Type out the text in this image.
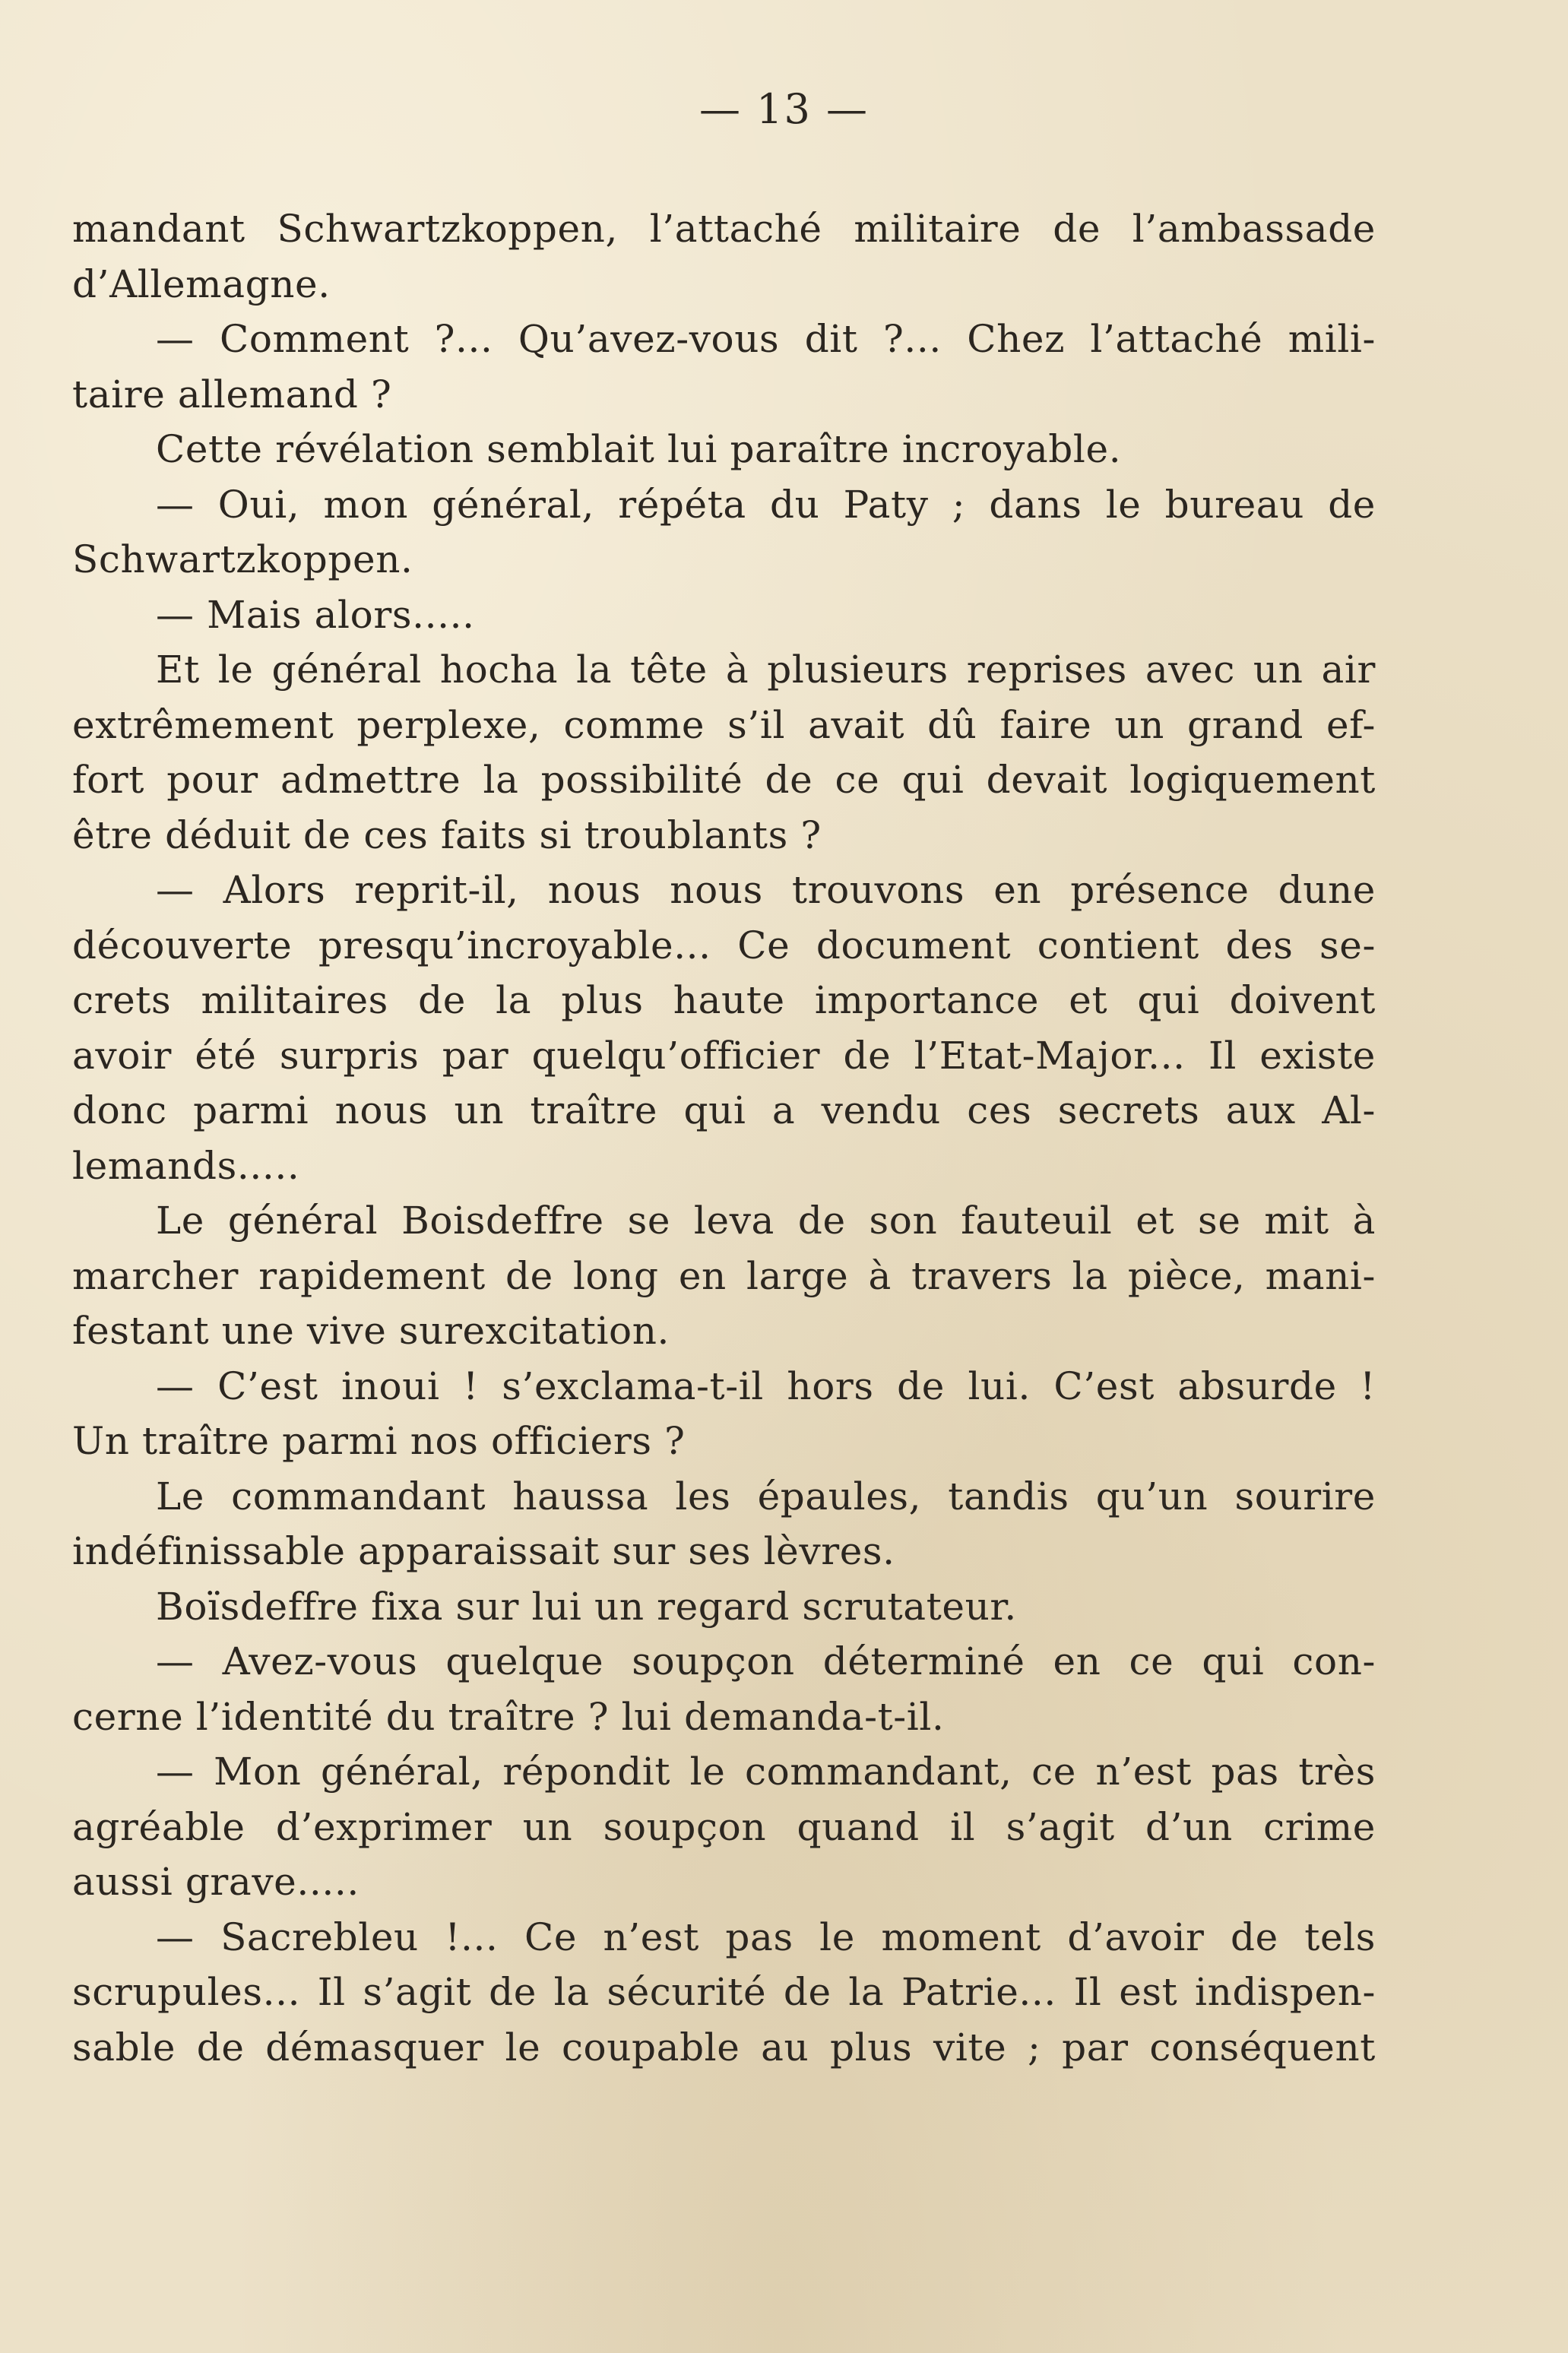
— 13 —
mandant Schwartzkoppen, l’attaché militaire de l’ambassade
d’Allemagne.
— Comment ?... Qu’avez-vous dit ?... Chez l’attaché mili-
taire allemand ?
Cette révélation semblait lui paraître incroyable.
— Oui, mon général, répéta du Paty ; dans le bureau de
Schwartzkoppen.
— Mais alors.....
Et le général hocha la tête à plusieurs reprises avec un air
extrêmement perplexe, comme s’il avait dû faire un grand ef-
fort pour admettre la possibilité de ce qui devait logiquement
être déduit de ces faits si troublants ?
— Alors reprit-il, nous nous trouvons en présence dune
découverte presqu’incroyable... Ce document contient des se-
crets militaires de la plus haute importance et qui doivent
avoir été surpris par quelqu’officier de l’Etat-Major... Il existe
donc parmi nous un traître qui a vendu ces secrets aux Al-
lemands.....
Le général Boisdeffre se leva de son fauteuil et se mit à
marcher rapidement de long en large à travers la pièce, mani-
festant une vive surexcitation.
— C’est inoui ! s’exclama-t-il hors de lui. C’est absurde !
Un traître parmi nos officiers ?
Le commandant haussa les épaules, tandis qu’un sourire
indéfinissable apparaissait sur ses lèvres.
Boïsdeffre fixa sur lui un regard scrutateur.
— Avez-vous quelque soupçon déterminé en ce qui con-
cerne l’identité du traître ? lui demanda-t-il.
— Mon général, répondit le commandant, ce n’est pas très
agréable d’exprimer un soupçon quand il s’agit d’un crime
aussi grave.....
— Sacrebleu !... Ce n’est pas le moment d’avoir de tels
scrupules... Il s’agit de la sécurité de la Patrie... Il est indispen-
sable de démasquer le coupable au plus vite ; par conséquent
